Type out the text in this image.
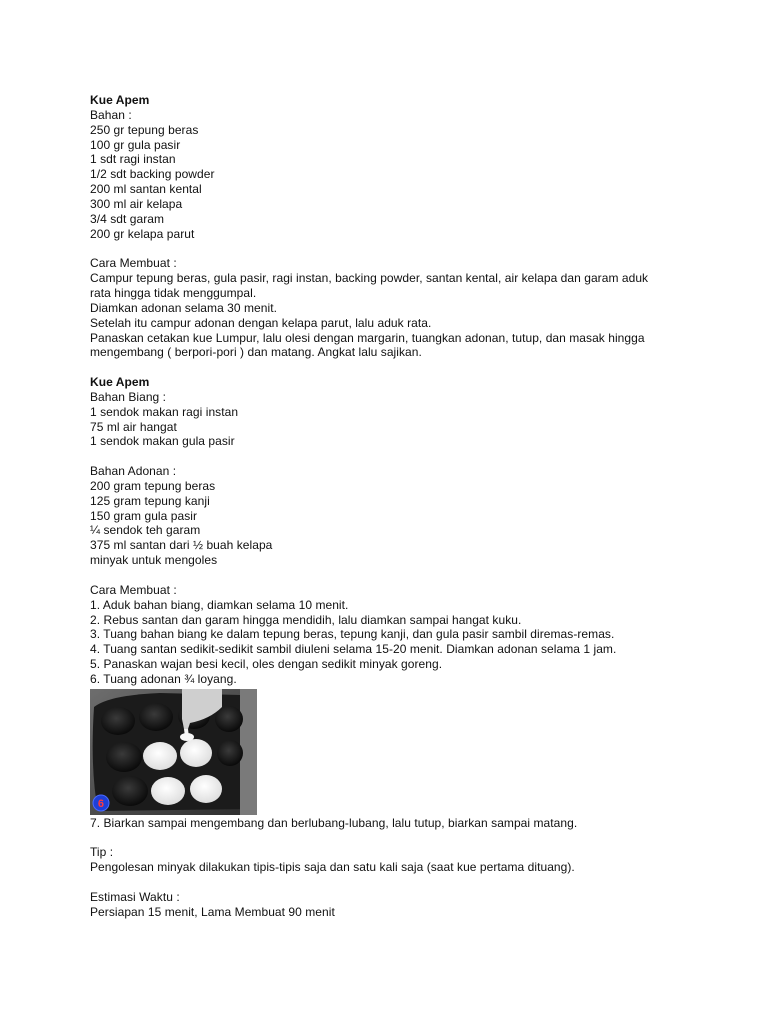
Kue Apem
Bahan :
250 gr tepung beras
100 gr gula pasir
1 sdt ragi instan
1/2 sdt backing powder
200 ml santan kental
300 ml air kelapa
3/4 sdt garam
200 gr kelapa parut
Cara Membuat :
Campur tepung beras, gula pasir, ragi instan, backing powder, santan kental, air kelapa dan garam aduk
rata hingga tidak menggumpal.
Diamkan adonan selama 30 menit.
Setelah itu campur adonan dengan kelapa parut, lalu aduk rata.
Panaskan cetakan kue Lumpur, lalu olesi dengan margarin, tuangkan adonan, tutup, dan masak hingga
mengembang ( berpori-pori ) dan matang. Angkat lalu sajikan.
Kue Apem
Bahan Biang :
1 sendok makan ragi instan
75 ml air hangat
1 sendok makan gula pasir
Bahan Adonan :
200 gram tepung beras
125 gram tepung kanji
150 gram gula pasir
¼ sendok teh garam
375 ml santan dari ½ buah kelapa
minyak untuk mengoles
Cara Membuat :
1. Aduk bahan biang, diamkan selama 10 menit.
2. Rebus santan dan garam hingga mendidih, lalu diamkan sampai hangat kuku.
3. Tuang bahan biang ke dalam tepung beras, tepung kanji, dan gula pasir sambil diremas-remas.
4. Tuang santan sedikit-sedikit sambil diuleni selama 15-20 menit. Diamkan adonan selama 1 jam.
5. Panaskan wajan besi kecil, oles dengan sedikit minyak goreng.
6. Tuang adonan ¾ loyang.
6
7. Biarkan sampai mengembang dan berlubang-lubang, lalu tutup, biarkan sampai matang.
Tip :
Pengolesan minyak dilakukan tipis-tipis saja dan satu kali saja (saat kue pertama dituang).
Estimasi Waktu :
Persiapan 15 menit, Lama Membuat 90 menit
